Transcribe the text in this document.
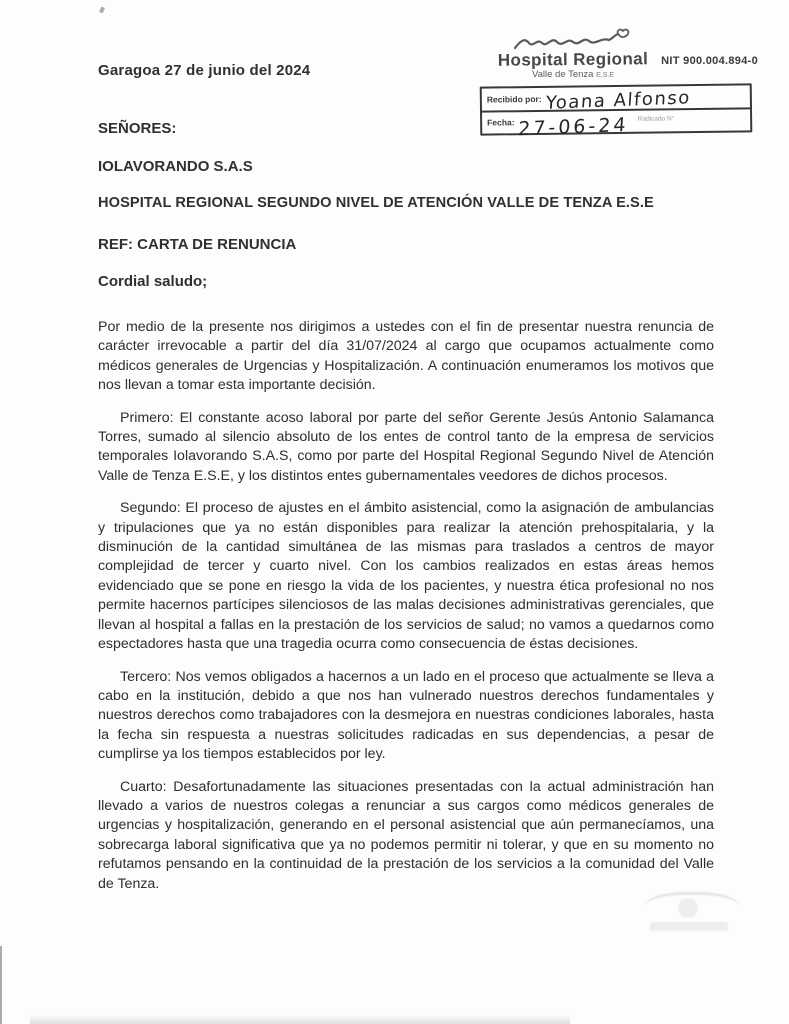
Garagoa 27 de junio del 2024
SEÑORES:
IOLAVORANDO S.A.S
HOSPITAL REGIONAL SEGUNDO NIVEL DE ATENCIÓN VALLE DE TENZA E.S.E
REF: CARTA DE RENUNCIA
Cordial saludo;

Por medio de la presente nos dirigimos a ustedes con el fin de presentar nuestra renuncia de carácter irrevocable a partir del día 31/07/2024 al cargo que ocupamos actualmente como médicos generales de Urgencias y Hospitalización. A continuación enumeramos los motivos que nos llevan a tomar esta importante decisión.

Primero: El constante acoso laboral por parte del señor Gerente Jesús Antonio Salamanca Torres, sumado al silencio absoluto de los entes de control tanto de la empresa de servicios temporales Iolavorando S.A.S, como por parte del Hospital Regional Segundo Nivel de Atención Valle de Tenza E.S.E, y los distintos entes gubernamentales veedores de dichos procesos.

Segundo: El proceso de ajustes en el ámbito asistencial, como la asignación de ambulancias y tripulaciones que ya no están disponibles para realizar la atención prehospitalaria, y la disminución de la cantidad simultánea de las mismas para traslados a centros de mayor complejidad de tercer y cuarto nivel. Con los cambios realizados en estas áreas hemos evidenciado que se pone en riesgo la vida de los pacientes, y nuestra ética profesional no nos permite hacernos partícipes silenciosos de las malas decisiones administrativas gerenciales, que llevan al hospital a fallas en la prestación de los servicios de salud; no vamos a quedarnos como espectadores hasta que una tragedia ocurra como consecuencia de éstas decisiones.

Tercero: Nos vemos obligados a hacernos a un lado en el proceso que actualmente se lleva a cabo en la institución, debido a que nos han vulnerado nuestros derechos fundamentales y nuestros derechos como trabajadores con la desmejora en nuestras condiciones laborales, hasta la fecha sin respuesta a nuestras solicitudes radicadas en sus dependencias, a pesar de cumplirse ya los tiempos establecidos por ley.

Cuarto: Desafortunadamente las situaciones presentadas con la actual administración han llevado a varios de nuestros colegas a renunciar a sus cargos como médicos generales de urgencias y hospitalización, generando en el personal asistencial que aún permanecíamos, una sobrecarga laboral significativa que ya no podemos permitir ni tolerar, y que en su momento no refutamos pensando en la continuidad de la prestación de los servicios a la comunidad del Valle de Tenza.

Hospital Regional
Valle de Tenza E.S.E
NIT 900.004.894-0
Recibido por: Yoana Alfonso
Fecha: 27-06-24 Radicado N°
